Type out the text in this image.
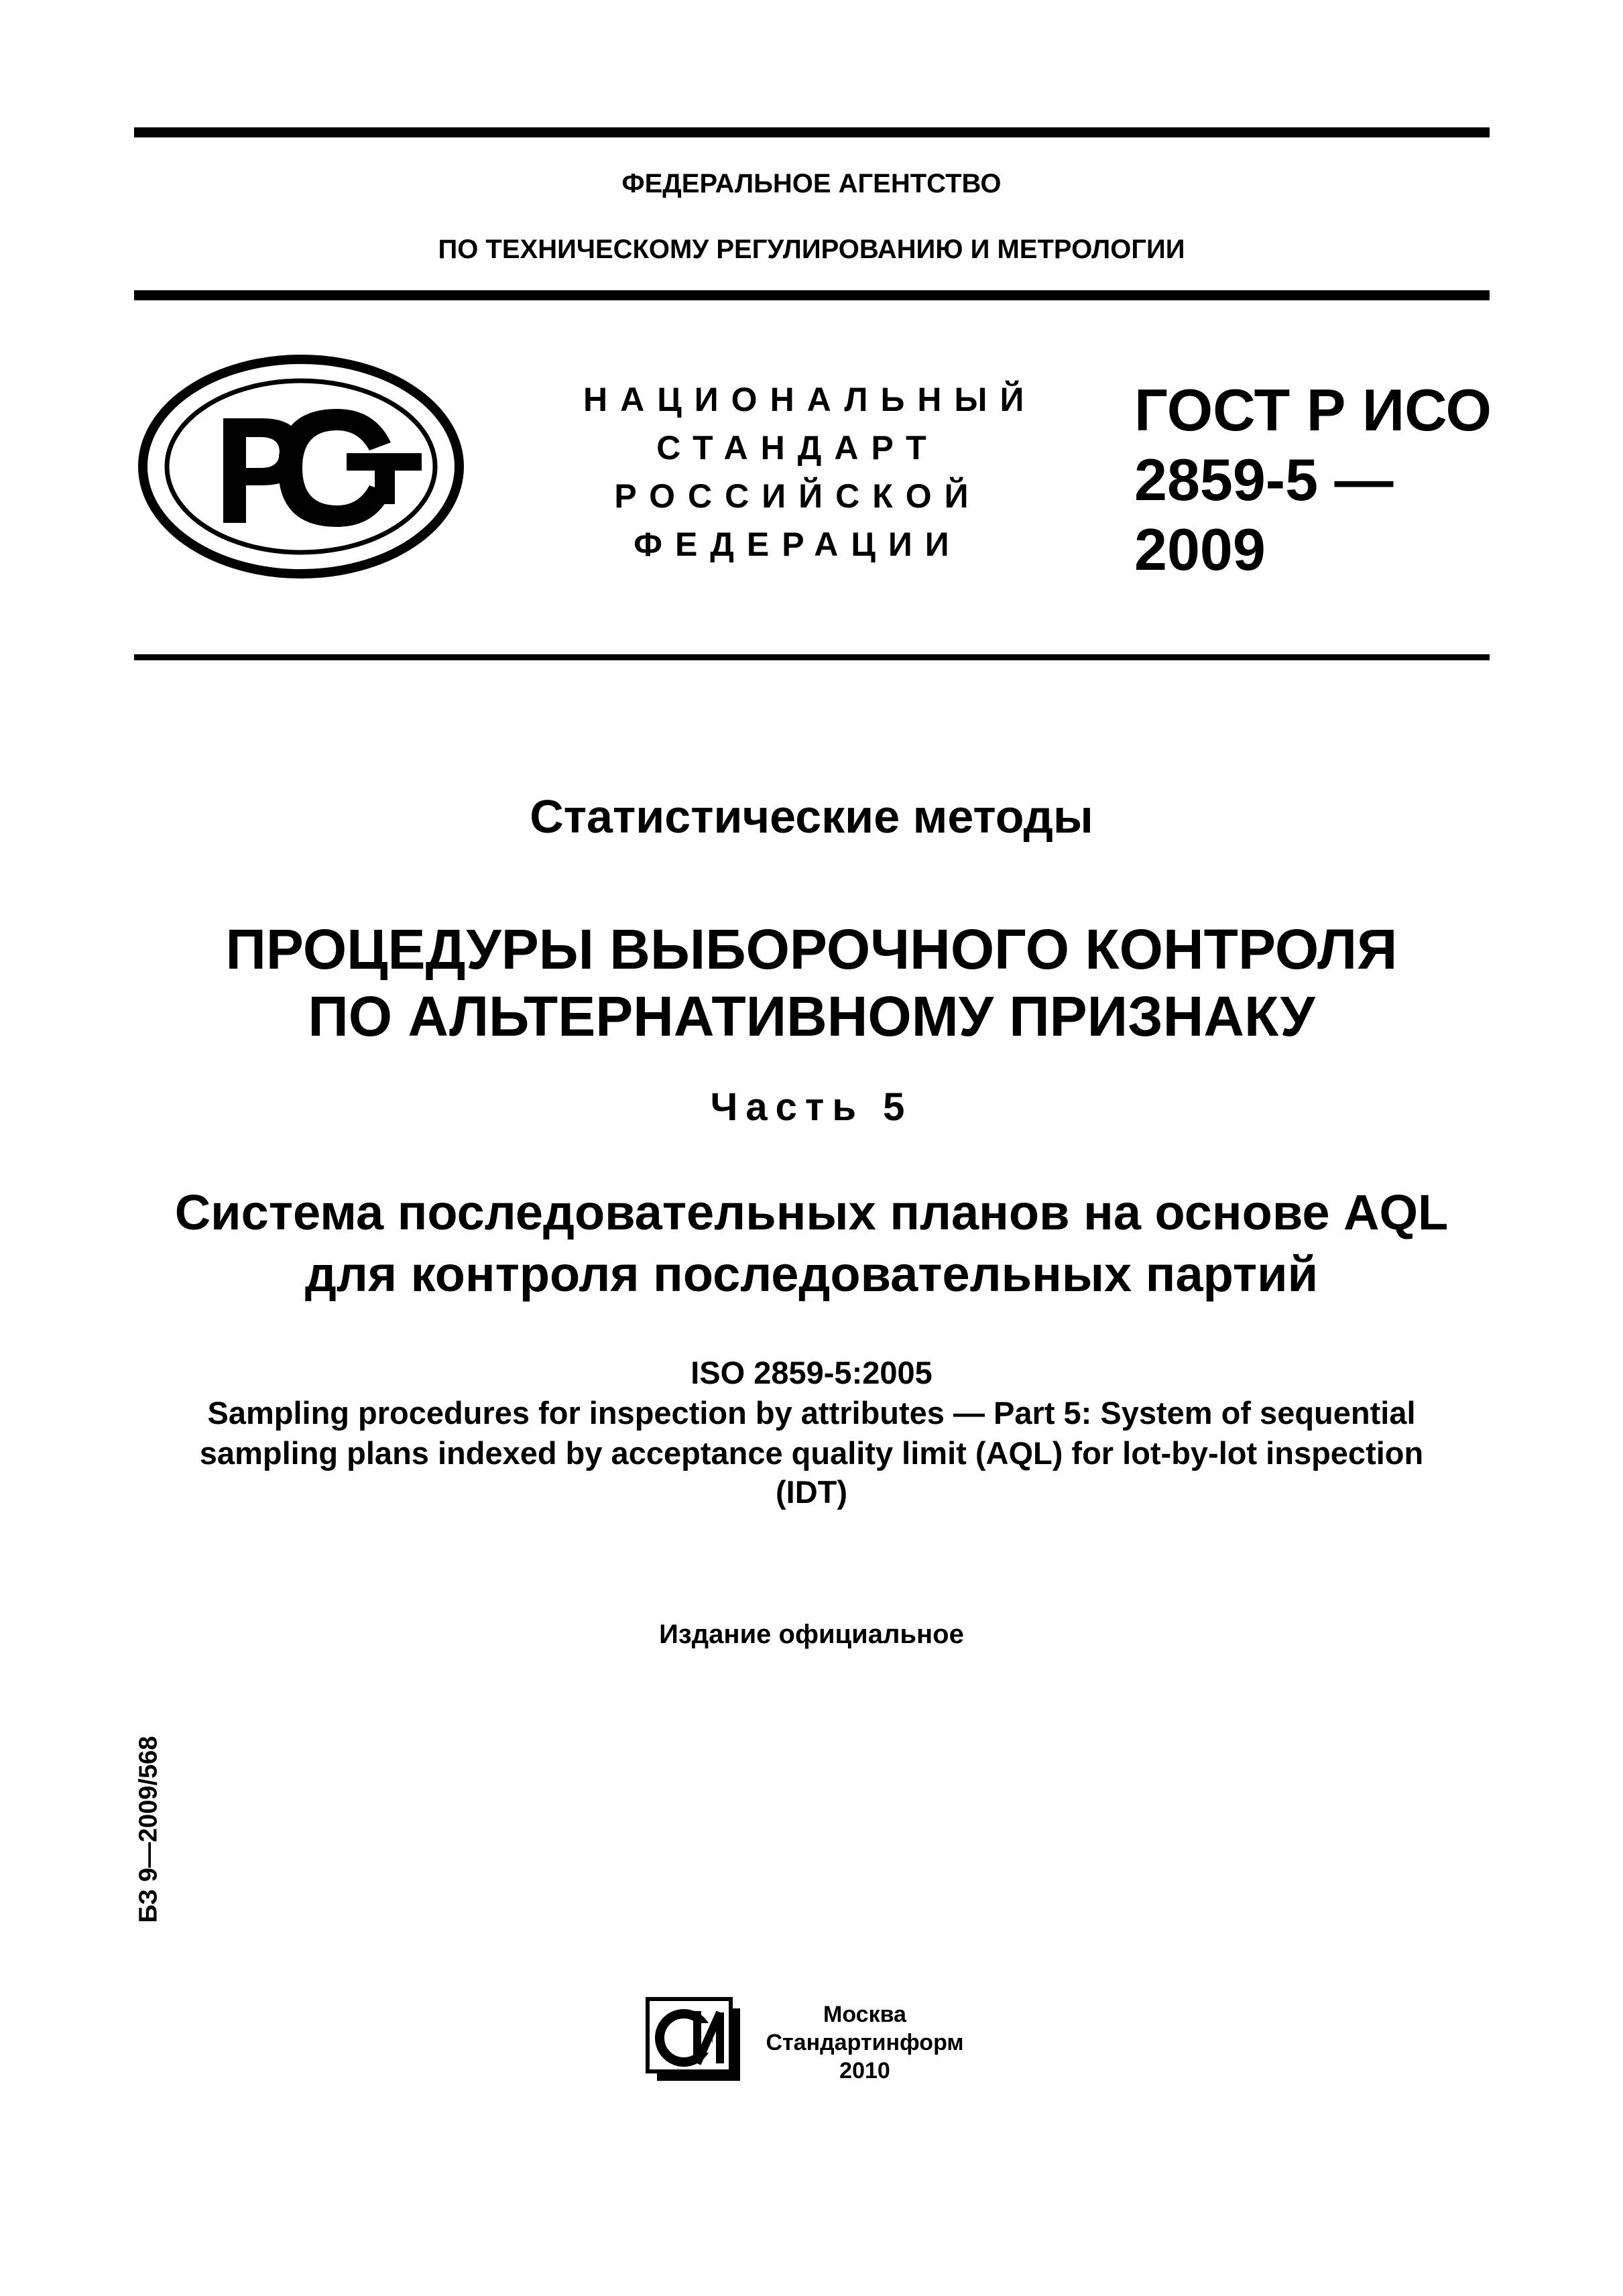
ФЕДЕРАЛЬНОЕ АГЕНТСТВО
ПО ТЕХНИЧЕСКОМУ РЕГУЛИРОВАНИЮ И МЕТРОЛОГИИ
НАЦИОНАЛЬНЫЙ
СТАНДАРТ
РОССИЙСКОЙ
ФЕДЕРАЦИИ
ГОСТ Р ИСО
2859-5 —
2009
Статистические методы
ПРОЦЕДУРЫ ВЫБОРОЧНОГО КОНТРОЛЯ
ПО АЛЬТЕРНАТИВНОМУ ПРИЗНАКУ
Часть 5
Система последовательных планов на основе AQL
для контроля последовательных партий
ISO 2859-5:2005
Sampling procedures for inspection by attributes — Part 5: System of sequential
sampling plans indexed by acceptance quality limit (AQL) for lot-by-lot inspection
(IDT)
Издание официальное
БЗ 9—2009/568
Москва
Стандартинформ
2010
